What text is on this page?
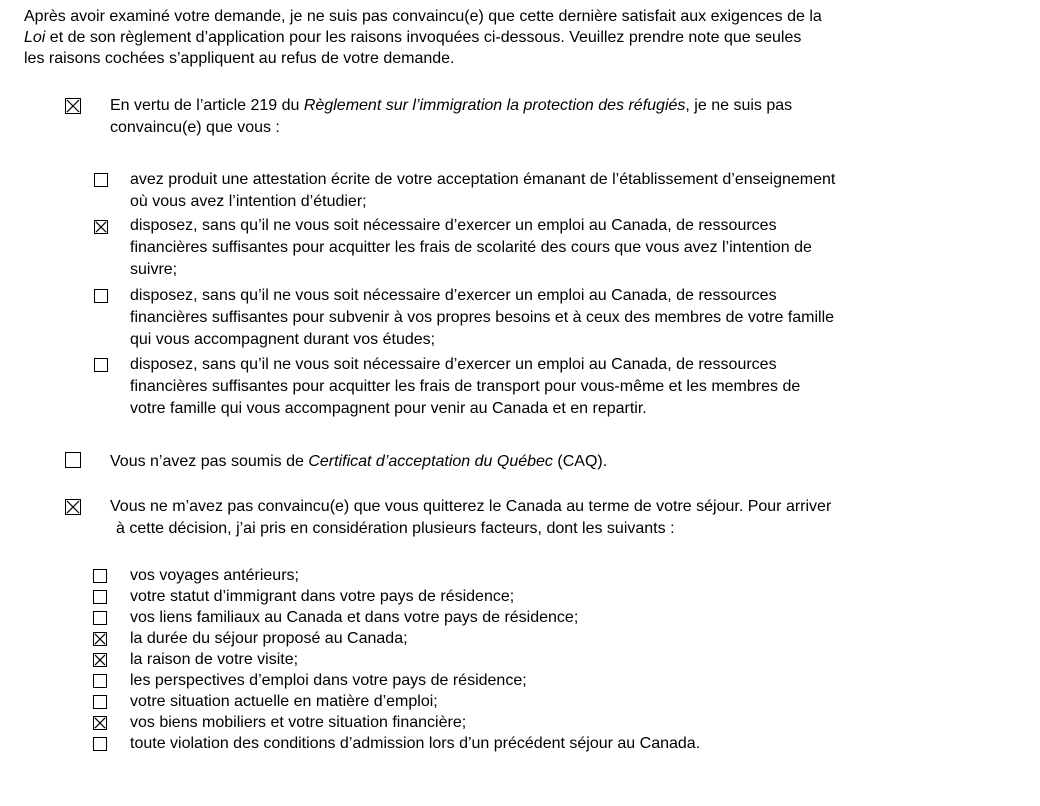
Après avoir examiné votre demande, je ne suis pas convaincu(e) que cette dernière satisfait aux exigences de la
Loi et de son règlement d’application pour les raisons invoquées ci-dessous. Veuillez prendre note que seules
les raisons cochées s’appliquent au refus de votre demande.
En vertu de l’article 219 du Règlement sur l’immigration la protection des réfugiés, je ne suis pas
convaincu(e) que vous :
avez produit une attestation écrite de votre acceptation émanant de l’établissement d’enseignement
où vous avez l’intention d’étudier;
disposez, sans qu’il ne vous soit nécessaire d’exercer un emploi au Canada, de ressources
financières suffisantes pour acquitter les frais de scolarité des cours que vous avez l’intention de
suivre;
disposez, sans qu’il ne vous soit nécessaire d’exercer un emploi au Canada, de ressources
financières suffisantes pour subvenir à vos propres besoins et à ceux des membres de votre famille
qui vous accompagnent durant vos études;
disposez, sans qu’il ne vous soit nécessaire d’exercer un emploi au Canada, de ressources
financières suffisantes pour acquitter les frais de transport pour vous-même et les membres de
votre famille qui vous accompagnent pour venir au Canada et en repartir.
Vous n’avez pas soumis de Certificat d’acceptation du Québec (CAQ).
Vous ne m’avez pas convaincu(e) que vous quitterez le Canada au terme de votre séjour. Pour arriver
à cette décision, j’ai pris en considération plusieurs facteurs, dont les suivants :
vos voyages antérieurs;
votre statut d’immigrant dans votre pays de résidence;
vos liens familiaux au Canada et dans votre pays de résidence;
la durée du séjour proposé au Canada;
la raison de votre visite;
les perspectives d’emploi dans votre pays de résidence;
votre situation actuelle en matière d’emploi;
vos biens mobiliers et votre situation financière;
toute violation des conditions d’admission lors d’un précédent séjour au Canada.
